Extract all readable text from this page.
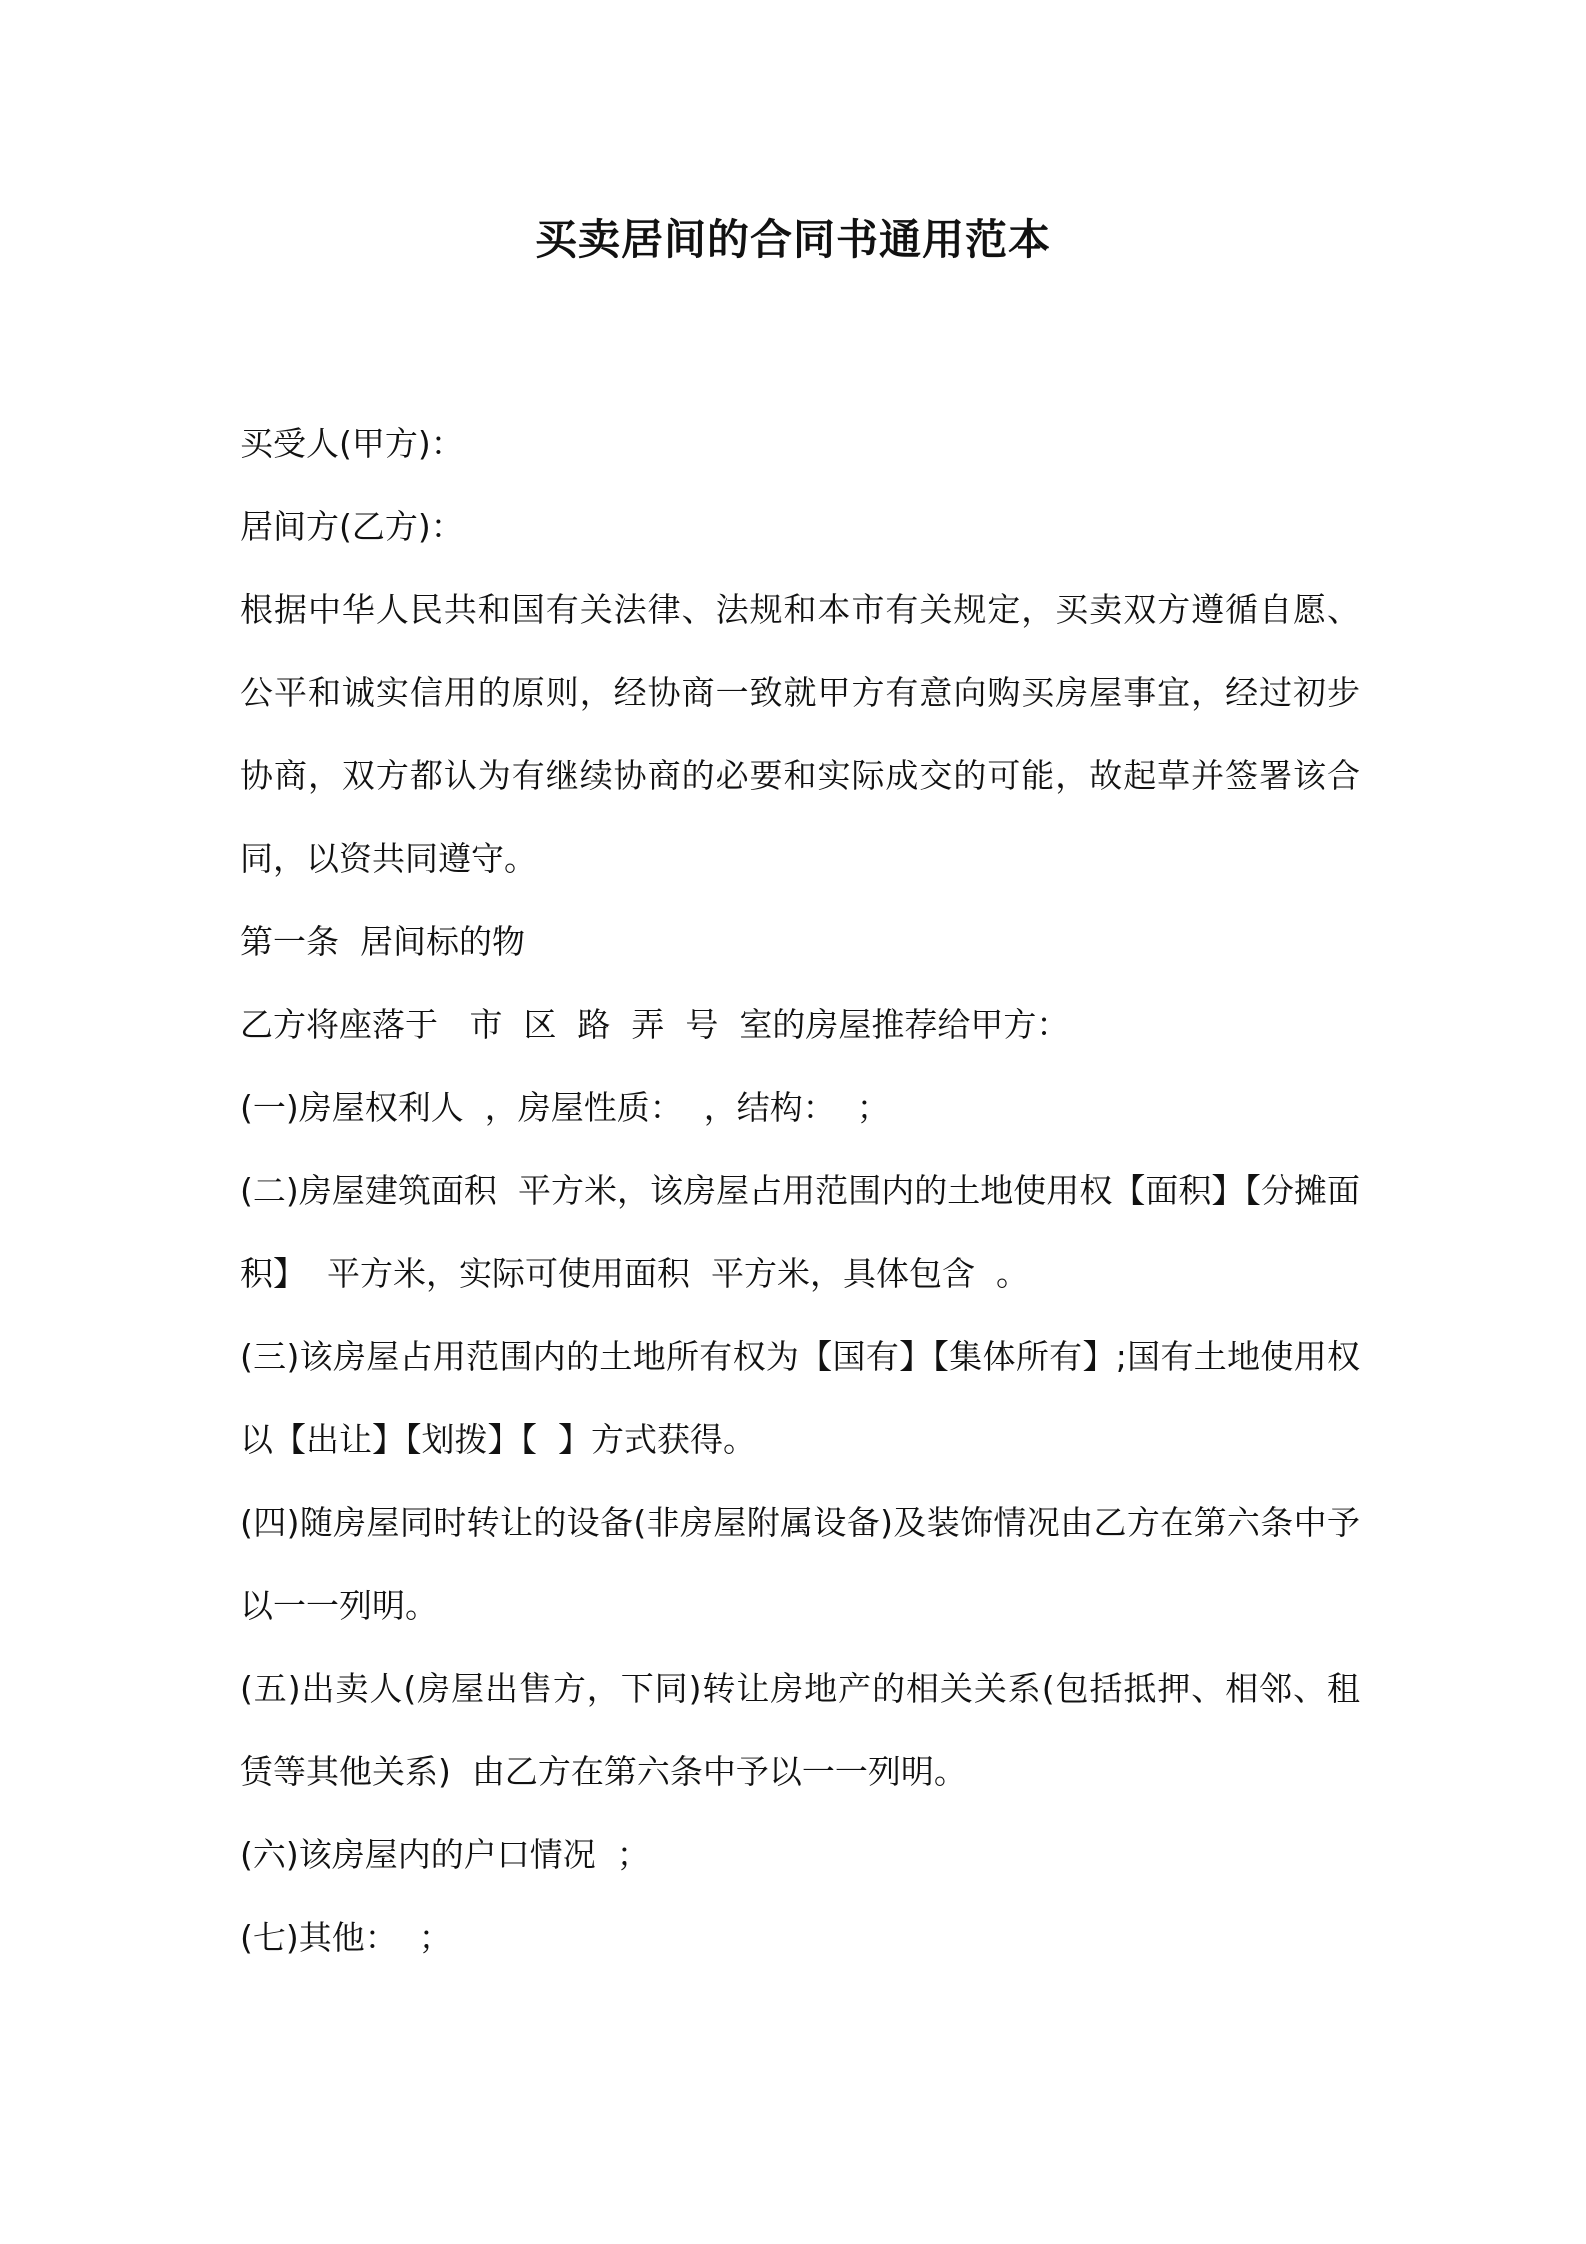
买卖居间的合同书通用范本

买受人(甲方)：

居间方(乙方)：

根据中华人民共和国有关法律、法规和本市有关规定，买卖双方遵循自愿、公平和诚实信用的原则，经协商一致就甲方有意向购买房屋事宜，经过初步协商，双方都认为有继续协商的必要和实际成交的可能，故起草并签署该合同，以资共同遵守。

第一条  居间标的物

乙方将座落于   市  区  路  弄  号  室的房屋推荐给甲方：

(一)房屋权利人  ，房屋性质：  ，结构：  ；

(二)房屋建筑面积  平方米，该房屋占用范围内的土地使用权【面积】【分摊面积】  平方米，实际可使用面积  平方米，具体包含  。

(三)该房屋占用范围内的土地所有权为【国有】【集体所有】;国有土地使用权以【出让】【划拨】【  】方式获得。

(四)随房屋同时转让的设备(非房屋附属设备)及装饰情况由乙方在第六条中予以一一列明。

(五)出卖人(房屋出售方，下同)转让房地产的相关关系(包括抵押、相邻、租赁等其他关系)  由乙方在第六条中予以一一列明。

(六)该房屋内的户口情况  ；

(七)其他：  ；
